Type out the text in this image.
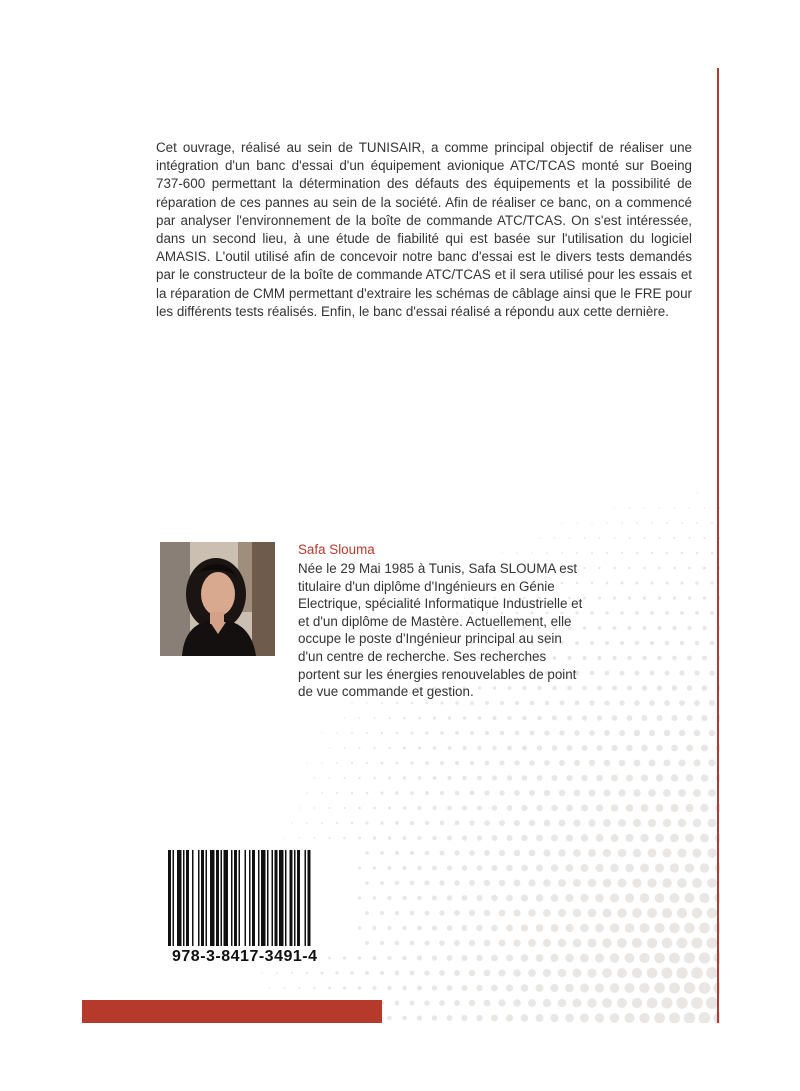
Cet ouvrage, réalisé au sein de TUNISAIR, a comme principal objectif de réaliser une intégration d'un banc d'essai d'un équipement avionique ATC/TCAS monté sur Boeing 737-600 permettant la détermination des défauts des équipements et la possibilité de réparation de ces pannes au sein de la société. Afin de réaliser ce banc, on a commencé par analyser l'environnement de la boîte de commande ATC/TCAS. On s'est intéressée, dans un second lieu, à une étude de fiabilité qui est basée sur l'utilisation du logiciel AMASIS. L'outil utilisé afin de concevoir notre banc d'essai est le divers tests demandés par le constructeur de la boîte de commande ATC/TCAS et il sera utilisé pour les essais et la réparation de CMM permettant d'extraire les schémas de câblage ainsi que le FRE pour les différents tests réalisés. Enfin, le banc d'essai réalisé a répondu aux cette dernière.

Safa Slouma

Née le 29 Mai 1985 à Tunis, Safa SLOUMA est titulaire d'un diplôme d'Ingénieurs en Génie Electrique, spécialité Informatique Industrielle et et d'un diplôme de Mastère. Actuellement, elle occupe le poste d'Ingénieur principal au sein d'un centre de recherche. Ses recherches portent sur les énergies renouvelables de point de vue commande et gestion.

978-3-8417-3491-4
